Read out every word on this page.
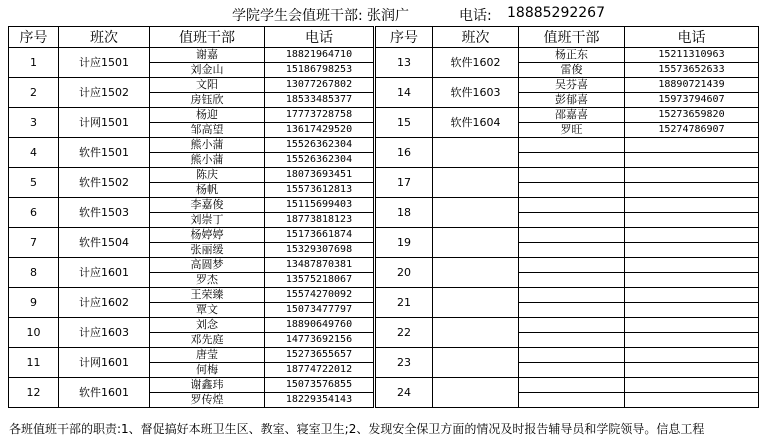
学院学生会值班干部: 张润广	电话: 18885292267
序号	班次	值班干部	电话
1	计应1501	谢嘉	18821964710
		刘金山	15186798253
2	计应1502	文阳	13077267802
		房钰欣	18533485377
3	计网1501	杨迎	17773728758
		邹高望	13617429520
4	软件1501	熊小蒲	15526362304
		熊小蒲	15526362304
5	软件1502	陈庆	18073693451
		杨帆	15573612813
6	软件1503	李嘉俊	15115699403
		刘崇丁	18773818123
7	软件1504	杨婷婷	15173661874
		张丽缓	15329307698
8	计应1601	高圆梦	13487870381
		罗杰	13575218067
9	计应1602	王荣臻	15574270092
		覃文	15073477797
10	计应1603	刘念	18890649760
		邓先庭	14773692156
11	计网1601	唐莹	15273655657
		何梅	18774722012
12	软件1601	谢鑫玮	15073576855
		罗传煌	18229354143
序号	班次	值班干部	电话
13	软件1602	杨正东	15211310963
		雷俊	15573652633
14	软件1603	吴芬喜	18890721439
		彭郁喜	15973794607
15	软件1604	邵嘉喜	15273659820
		罗旺	15274786907
16			

17			

18			

19			

20			

21			

22			

23			

24			

各班值班干部的职责:1、督促搞好本班卫生区、教室、寝室卫生;2、发现安全保卫方面的情况及时报告辅导员和学院领导。信息工程
